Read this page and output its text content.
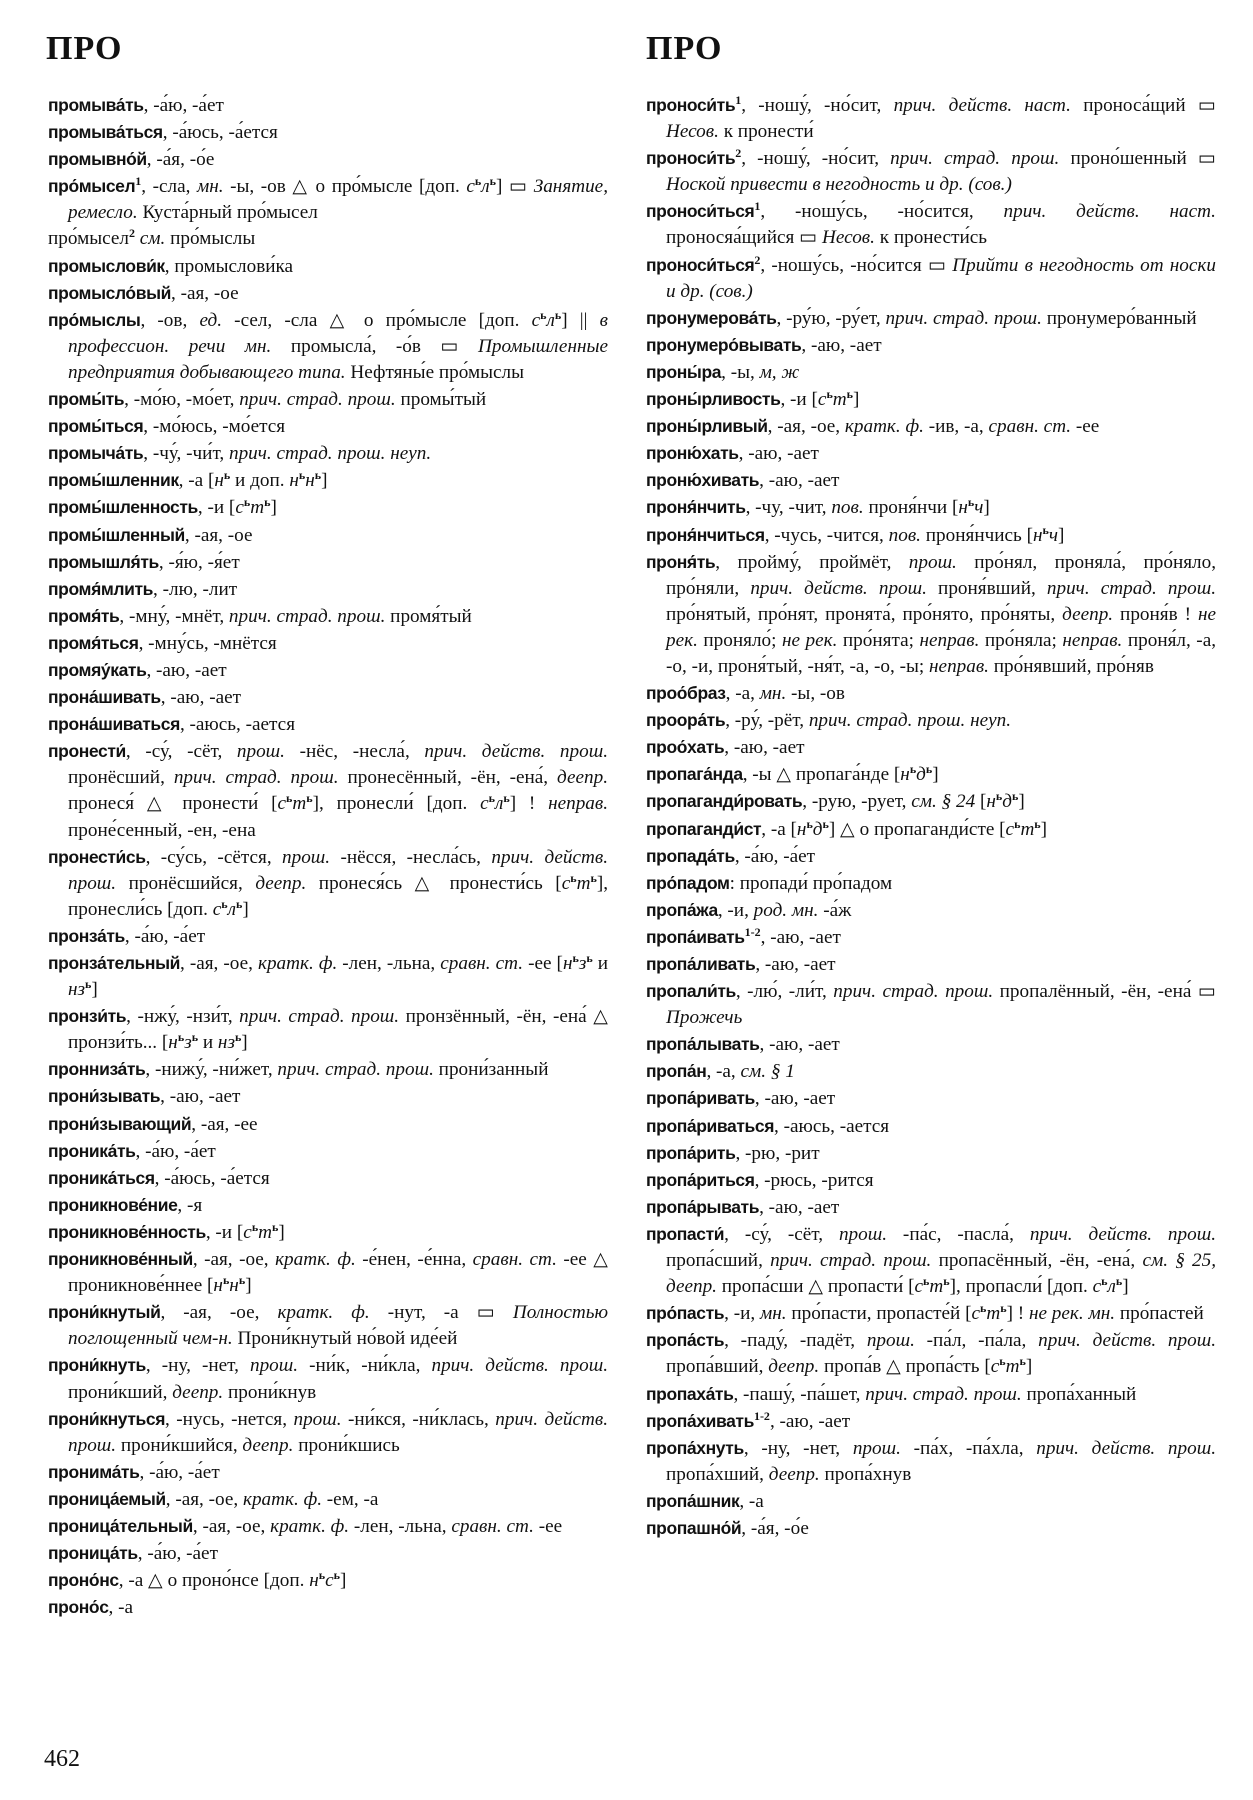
ПРО	ПРО

промыва́ть, -а́ю, -а́ет

промыва́ться, -а́юсь, -а́ется

промывно́й, -а́я, -о́е

про́мысел$^1$, -сла, мн. -ы, -ов △ о про́мысле [доп. $с^ьл^ь$] ▭ Занятие, ремесло. Куста́рный про́мысел

про́мысел$^2$ см. про́мыслы

промыслови́к, промыслови́ка

промысло́вый, -ая, -ое

про́мыслы, -ов, ед. -сел, -сла △ о про́мысле [доп. $с^ьл^ь$] || в профессион. речи мн. промысла́, -о́в ▭ Промышленные предприятия добывающего типа. Нефтяны́е про́мыслы

промы́ть, -мо́ю, -мо́ет, прич. страд. прош. промы́тый

промы́ться, -мо́юсь, -мо́ется

промыча́ть, -чу́, -чи́т, прич. страд. прош. неуп.

промы́шленник, -а [$н^ь$ и доп. $н^ьн^ь$]

промы́шленность, -и $[с^ьт^ь]$

промы́шленный, -ая, -ое

промышля́ть, -я́ю, -я́ет

промя́млить, -лю, -лит

промя́ть, -мну́, -мнёт, прич. страд. прош. промя́тый

промя́ться, -мну́сь, -мнётся

промяу́кать, -аю, -ает

прона́шивать, -аю, -ает

прона́шиваться, -аюсь, -ается

пронести́, -су́, -сёт, прош. -нёс, -несла́, прич. действ. прош. пронёсший, прич. страд. прош. пронесённый, -ён, -ена́, деепр. пронеся́ △ пронести́ $[с^ьт^ь]$, пронесли́ [доп. $с^ьл^ь$] ! неправ. проне́сенный, -ен, -ена

пронести́сь, -су́сь, -сётся, прош. -нёсся, -несла́сь, прич. действ. прош. пронёсшийся, деепр. пронеся́сь △ пронести́сь $[с^ьт^ь]$, пронесли́сь [доп. $с^ьл^ь$]

пронза́ть, -а́ю, -а́ет

пронза́тельный, -ая, -ое, кратк. ф. -лен, -льна, сравн. ст. -ее [$н^ьз^ь$ и $нз^ь$]

пронзи́ть, -нжу́, -нзи́т, прич. страд. прош. пронзённый, -ён, -ена́ △ пронзи́ть... [$н^ьз^ь$ и $нз^ь$]

пронниза́ть, -нижу́, -ни́жет, прич. страд. прош. прони́занный

прони́зывать, -аю, -ает

прони́зывающий, -ая, -ее

проника́ть, -а́ю, -а́ет

проника́ться, -а́юсь, -а́ется

проникнове́ние, -я

проникнове́нность, -и $[с^ьт^ь]$

проникнове́нный, -ая, -ое, кратк. ф. -е́нен, -е́нна, сравн. ст. -ее △ проникнове́ннее $[н^ьн^ь]$

прони́кнутый, -ая, -ое, кратк. ф. -нут, -а ▭ Полностью поглощенный чем-н. Прони́кнутый но́вой иде́ей

прони́кнуть, -ну, -нет, прош. -ни́к, -ни́кла, прич. действ. прош. прони́кший, деепр. прони́кнув

прони́кнуться, -нусь, -нется, прош. -ни́кся, -ни́клась, прич. действ. прош. прони́кшийся, деепр. прони́кшись

пронима́ть, -а́ю, -а́ет

проница́емый, -ая, -ое, кратк. ф. -ем, -а

проница́тельный, -ая, -ое, кратк. ф. -лен, -льна, сравн. ст. -ее

проница́ть, -а́ю, -а́ет

проно́нс, -а △ о проно́нсе [доп. $н^ьс^ь$]

проно́с, -а

$проноси́ть^1$, -ношу́, -но́сит, прич. действ. наст. проноса́щий ▭ Несов. к пронести́

$проноси́ть^2$, -ношу́, -но́сит, прич. страд. прош. проно́шенный ▭ Ноской привести в негодность и др. (сов.)

проноси́ться$^1$, -ношу́сь, -но́сится, прич. действ. наст. проносяа́щийся ▭ Несов. к пронести́сь

проноси́ться$^2$, -ношу́сь, -но́сится ▭ Прийти в негодность от носки и др. (сов.)

пронумерова́ть, -ру́ю, -ру́ет, прич. страд. прош. пронумеро́ванный

пронумеро́вывать, -аю, -ает

проны́ра, -ы, м, ж

проны́рливость, -и $[с^ьт^ь]$

проны́рливый, -ая, -ое, кратк. ф. -ив, -а, сравн. ст. -ее

проню́хать, -аю, -ает

проню́хивать, -аю, -ает

проня́нчить, -чу, -чит, пов. проня́нчи $[н^ьч]$

проня́нчиться, -чусь, -чится, пов. проня́нчись $[н^ьч]$

проня́ть, пройму́, проймёт, прош. про́нял, проняла́, про́няло, про́няли, прич. действ. прош. проня́вший, прич. страд. прош. про́нятый, про́нят, пронята́, про́нято, про́няты, деепр. проня́в ! не рек. проняло́; не рек. про́нята; неправ. про́няла; неправ. проня́л, -а, -о, -и, проня́тый, -ня́т, -а, -о, -ы; неправ. про́нявший, про́няв

проо́браз, -а, мн. -ы, -ов

проора́ть, -ру́, -рёт, прич. страд. прош. неуп.

проо́хать, -аю, -ает

пропага́нда, -ы △ пропага́нде $[н^ьд^ь]$

пропаганди́ровать, -рую, -рует, см. § 24 $[н^ьд^ь]$

пропаганди́ст, -а $[н^ьд^ь]$ △ о пропаганди́сте $[с^ьт^ь]$

пропада́ть, -а́ю, -а́ет

про́падом: пропади́ про́падом

пропа́жа, -и, род. мн. -а́ж

пропа́ивать$^{1-2}$, -аю, -ает

пропа́ливать, -аю, -ает

пропали́ть, -лю́, -ли́т, прич. страд. прош. пропалённый, -ён, -ена́ ▭ Прожечь

пропа́лывать, -аю, -ает

пропа́н, -а, см. § 1

пропа́ривать, -аю, -ает

пропа́риваться, -аюсь, -ается

пропа́рить, -рю, -рит

пропа́риться, -рюсь, -рится

пропа́рывать, -аю, -ает

пропасти́, -су́, -сёт, прош. -па́с, -пасла́, прич. действ. прош. пропа́сший, прич. страд. прош. пропасённый, -ён, -ена́, см. § 25, деепр. пропа́сши △ пропасти́ $[с^ьт^ь]$, пропасли́ [доп. $с^ьл^ь$]

про́пасть, -и, мн. про́пасти, пропасте́й $[с^ьт^ь]$ ! не рек. мн. про́пастей

пропа́сть, -паду́, -падёт, прош. -па́л, -па́ла, прич. действ. прош. пропа́вший, деепр. пропа́в △ пропа́сть $[с^ьт^ь]$

пропаха́ть, -пашу́, -па́шет, прич. страд. прош. пропа́ханный

пропа́хивать$^{1-2}$, -аю, -ает

пропа́хнуть, -ну, -нет, прош. -па́х, -па́хла, прич. действ. прош. пропа́хший, деепр. пропа́хнув

пропа́шник, -а

пропашно́й, -а́я, -о́е

462
